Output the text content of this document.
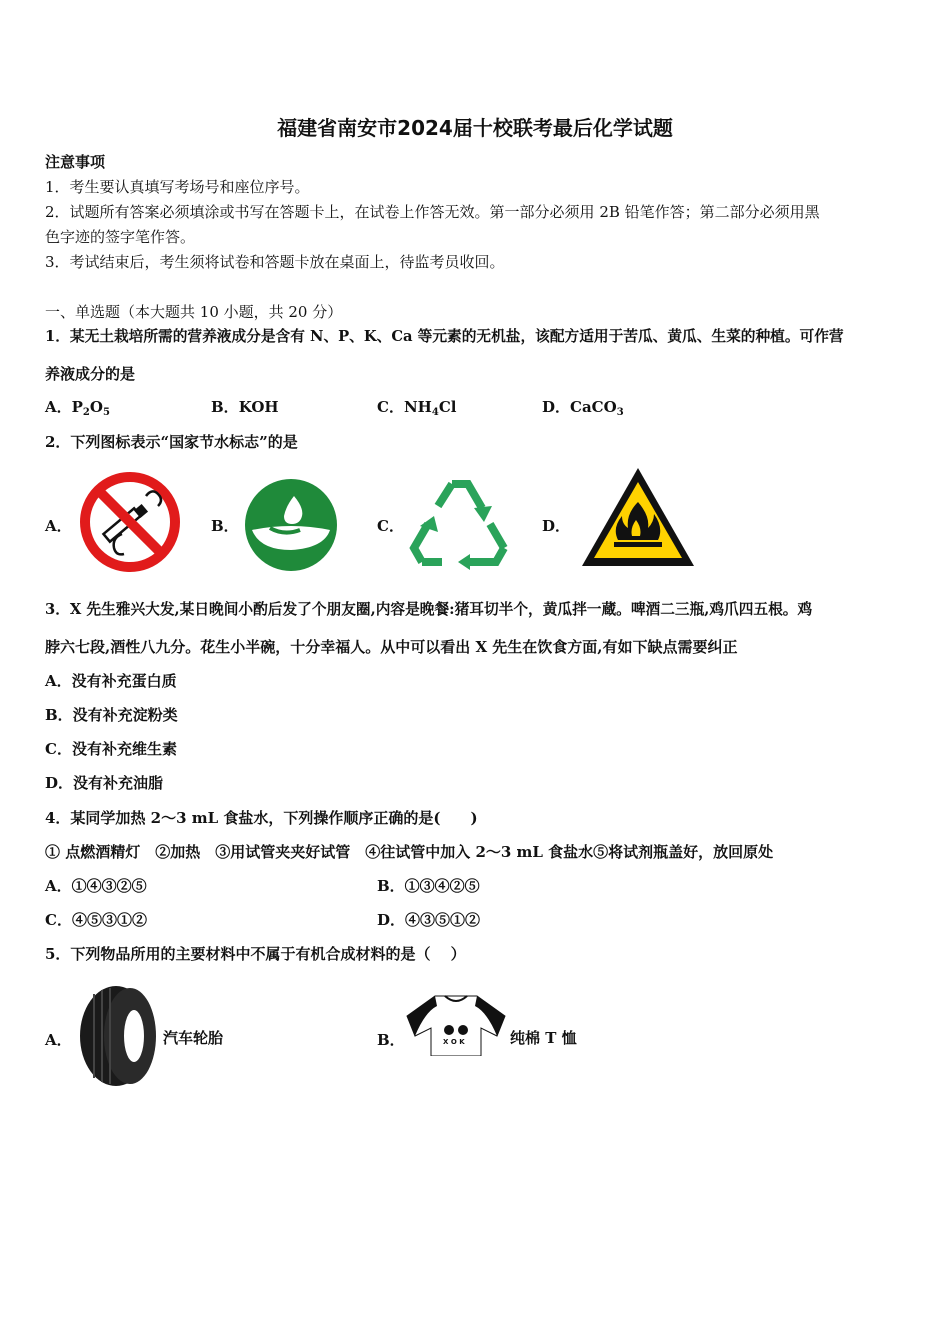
福建省南安市2024届十校联考最后化学试题
注意事项
1．考生要认真填写考场号和座位序号。
2．试题所有答案必须填涂或书写在答题卡上，在试卷上作答无效。第一部分必须用 2B 铅笔作答；第二部分必须用黑
色字迹的签字笔作答。
3．考试结束后，考生须将试卷和答题卡放在桌面上，待监考员收回。
一、单选题（本大题共 10 小题，共 20 分）
1．某无土栽培所需的营养液成分是含有 N、P、K、Ca 等元素的无机盐，该配方适用于苦瓜、黄瓜、生菜的种植。可作营
养液成分的是
A．$P_2O_5$	B．KOH	C．$NH_4Cl$	D．CaCO$_3$
2．下列图标表示“国家节水标志”的是
A．	B．	C．	D．
3．X 先生雅兴大发,某日晚间小酌后发了个朋友圈,内容是晚餐:猪耳切半个，黄瓜拌一蔵。啤酒二三瓶,鸡爪四五根。鸡
脖六七段,酒性八九分。花生小半碗，十分幸福人。从中可以看出 X 先生在饮食方面,有如下缺点需要纠正
A．没有补充蛋白质
B．没有补充淀粉类
C．没有补充维生素
D．没有补充油脂
4．某同学加热 2～3 mL 食盐水，下列操作顺序正确的是(　　)
① 点燃酒精灯　②加热　③用试管夹夹好试管　④往试管中加入 2～3 mL 食盐水⑤将试剂瓶盖好，放回原处
A．①④③②⑤	B．①③④②⑤
C．④⑤③①②	D．④③⑤①②
5．下列物品所用的主要材料中不属于有机合成材料的是（　 ）
A．	汽车轮胎	B．	X O K	纯棉 T 恤
